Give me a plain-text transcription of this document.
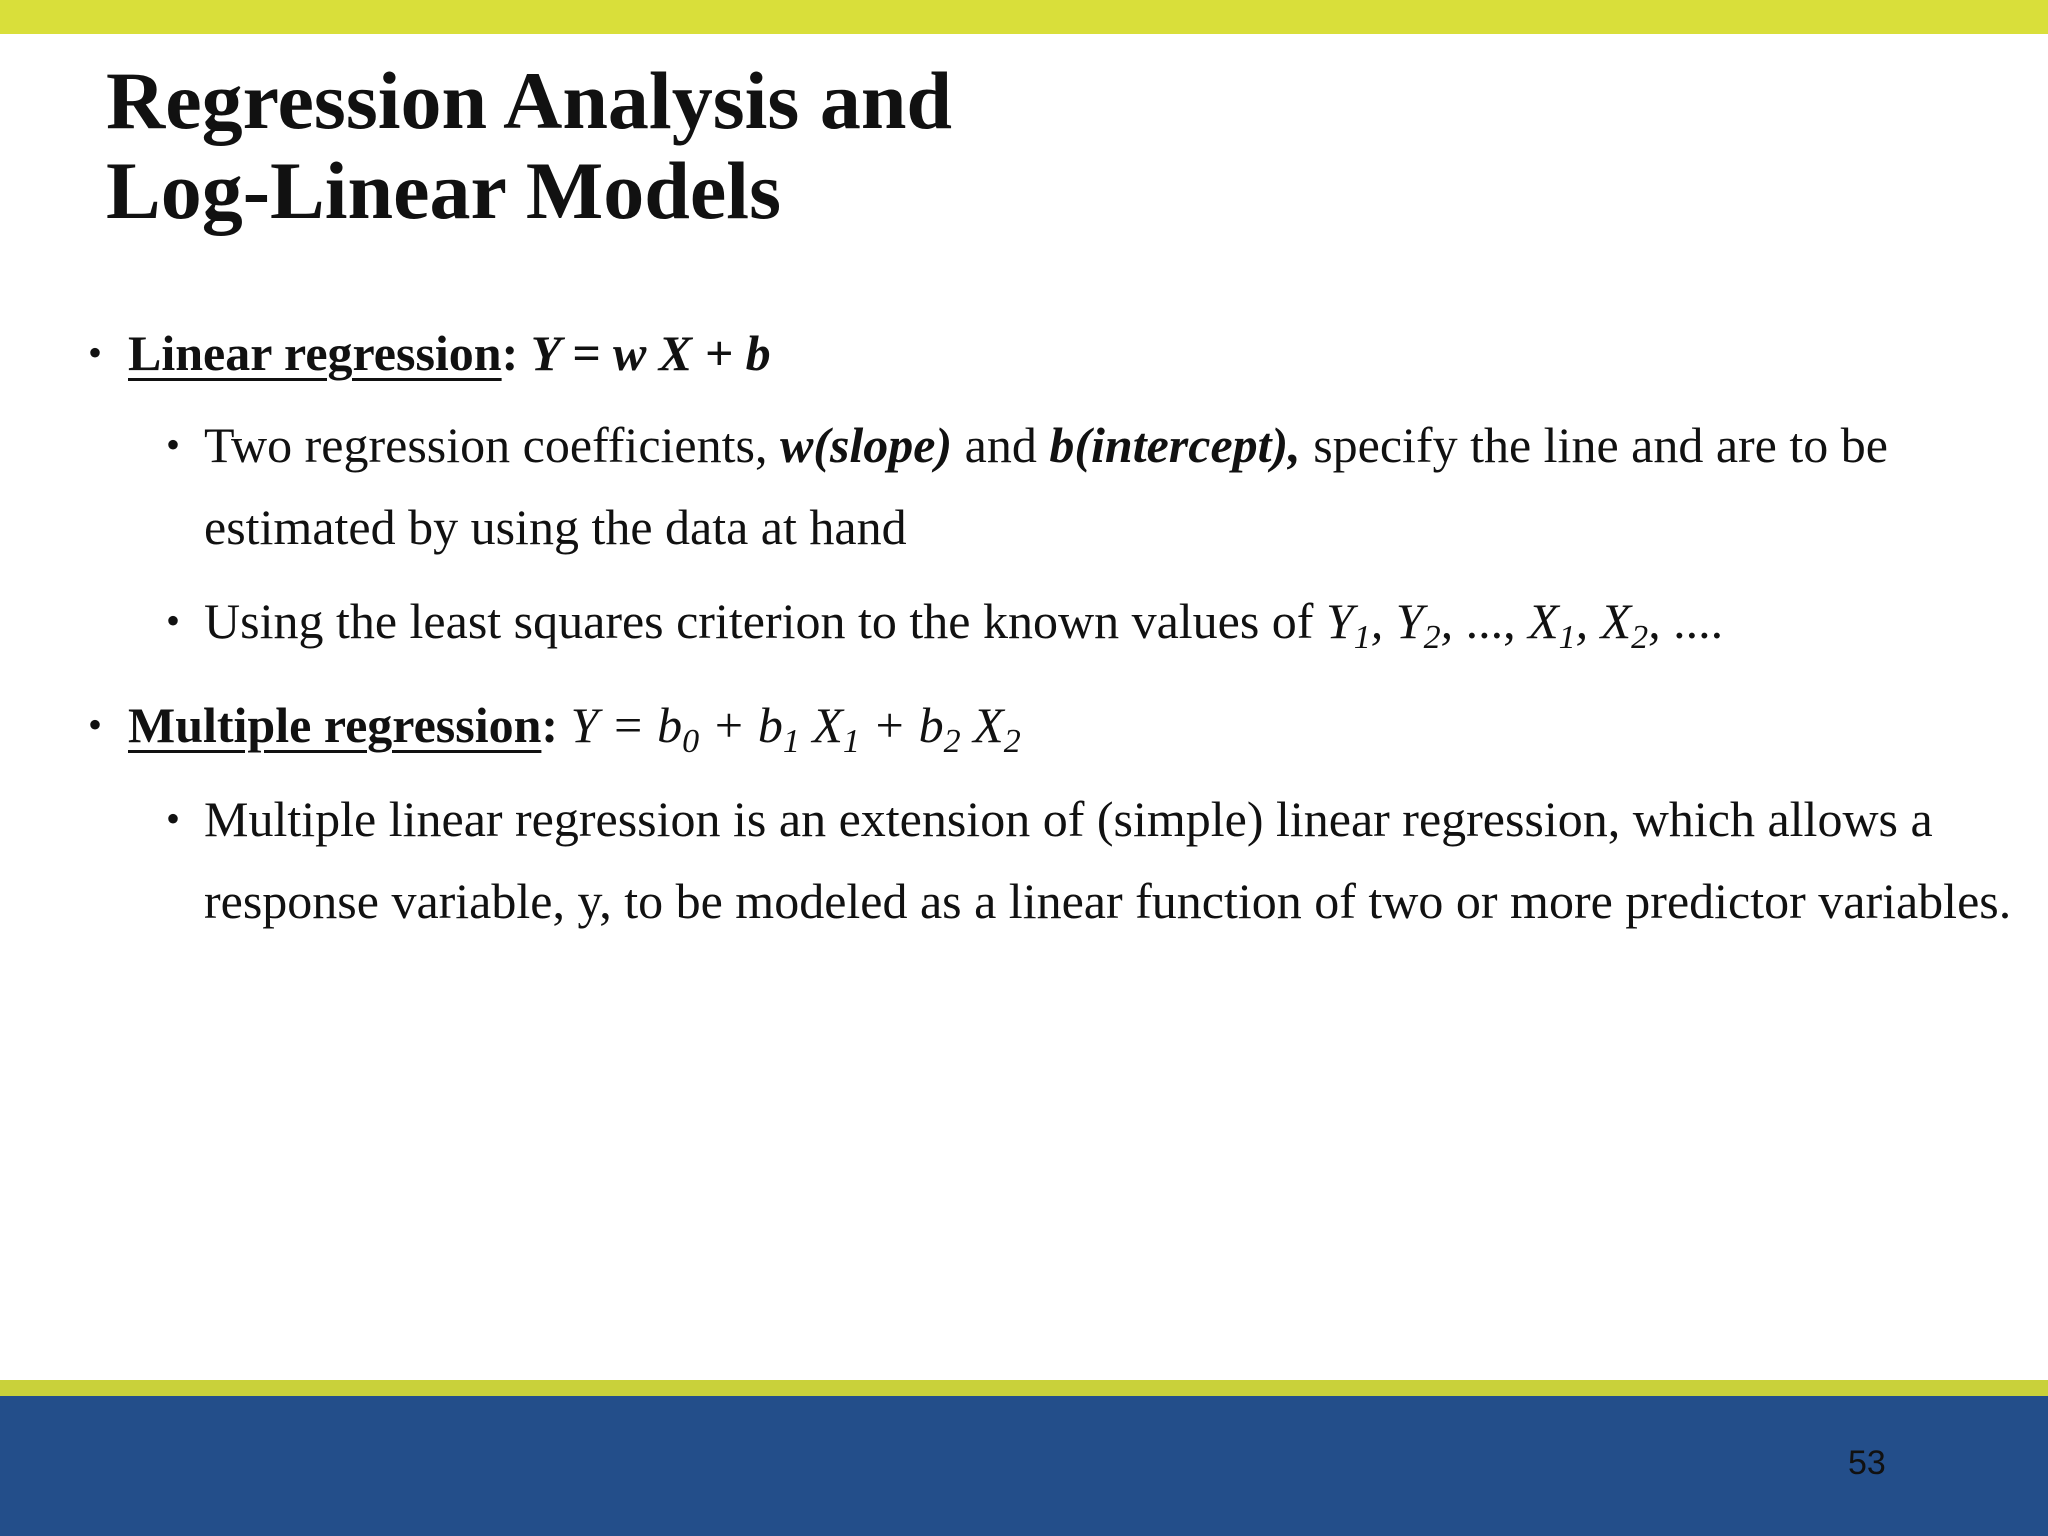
Regression Analysis and
Log-Linear Models
• Linear regression: Y = w X + b
• Two regression coefficients, w(slope) and b(intercept), specify the line and are to be estimated by using the data at hand
• Using the least squares criterion to the known values of $Y_1$, $Y_2$, ..., $X_1$, $X_2$, ....
• Multiple regression: $Y = b_0 + b_1$ $X_1 + b_2$ $X_2$
• Multiple linear regression is an extension of (simple) linear regression, which allows a response variable, y, to be modeled as a linear function of two or more predictor variables.
53
